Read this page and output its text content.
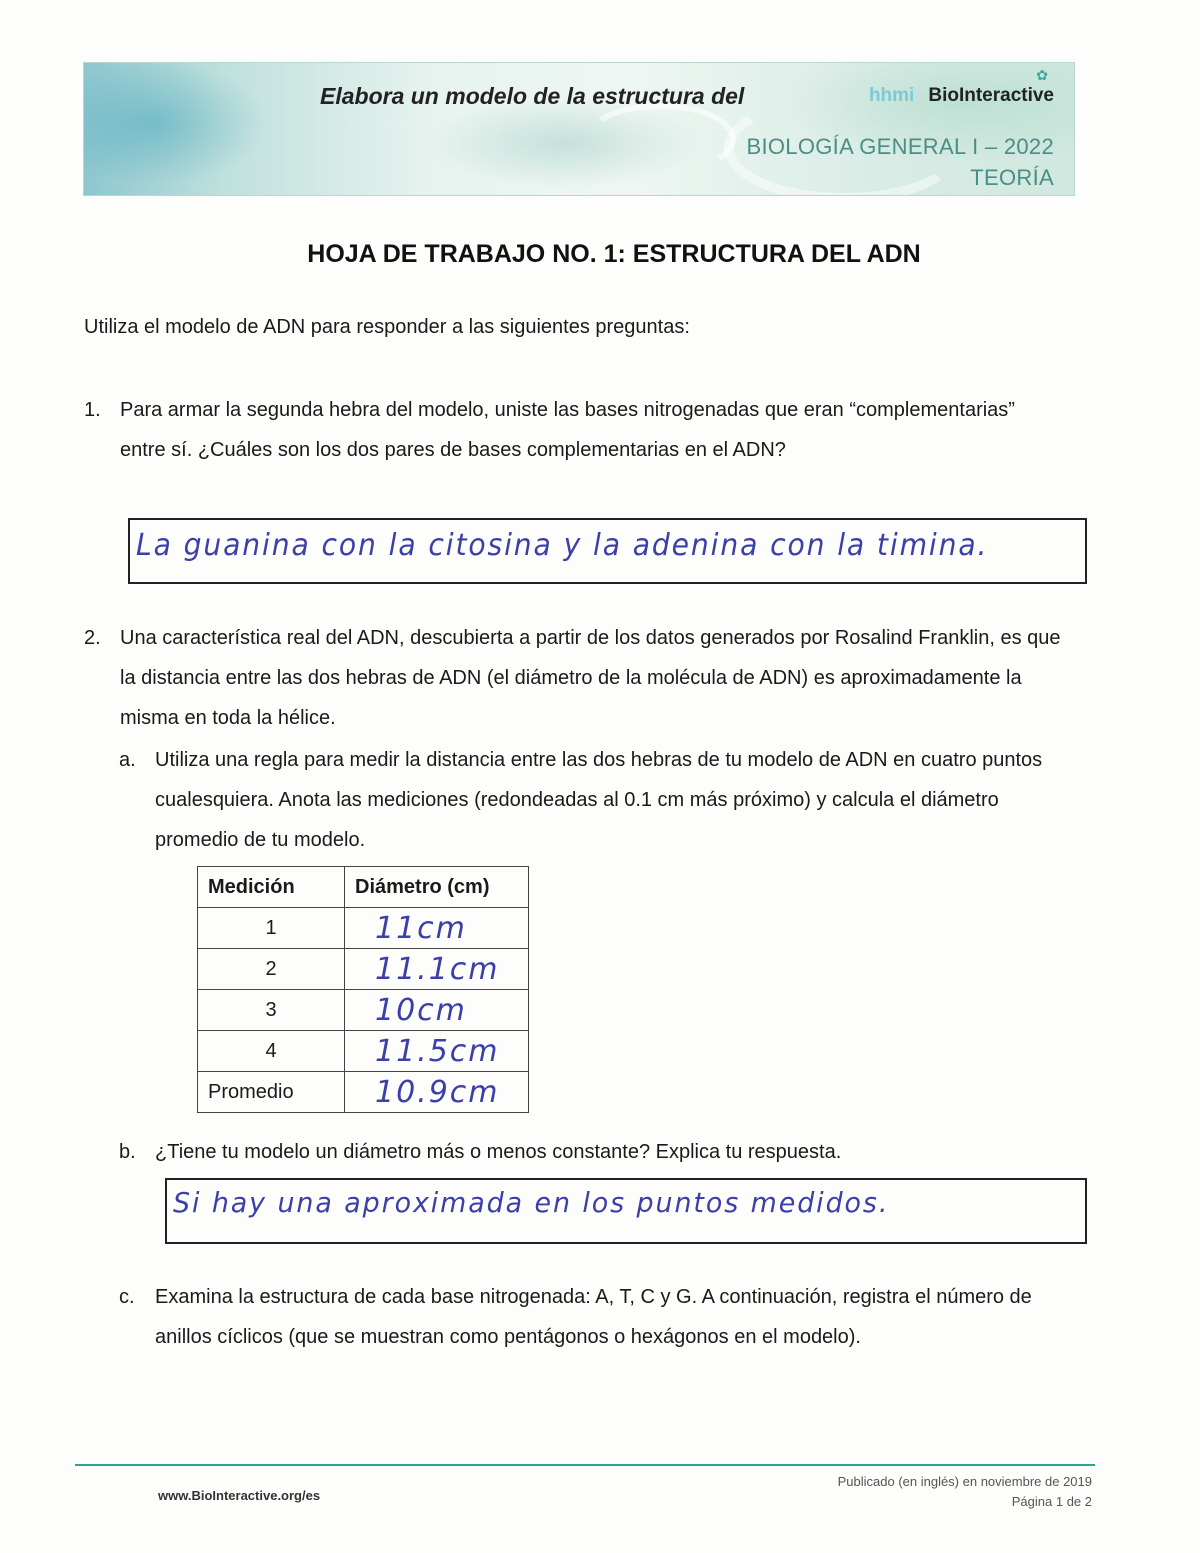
Elabora un modelo de la estructura del
✿
hhmi BioInteractive
BIOLOGÍA GENERAL I – 2022
TEORÍA
HOJA DE TRABAJO NO. 1: ESTRUCTURA DEL ADN
Utiliza el modelo de ADN para responder a las siguientes preguntas:
1. Para armar la segunda hebra del modelo, uniste las bases nitrogenadas que eran “complementarias” entre sí. ¿Cuáles son los dos pares de bases complementarias en el ADN?
La guanina con la citosina y la adenina con la timina.
2. Una característica real del ADN, descubierta a partir de los datos generados por Rosalind Franklin, es que la distancia entre las dos hebras de ADN (el diámetro de la molécula de ADN) es aproximadamente la misma en toda la hélice.
a. Utiliza una regla para medir la distancia entre las dos hebras de tu modelo de ADN en cuatro puntos cualesquiera. Anota las mediciones (redondeadas al 0.1 cm más próximo) y calcula el diámetro promedio de tu modelo.
Medición	Diámetro (cm)
1	11cm
2	11.1cm
3	10cm
4	11.5cm
Promedio	10.9cm
b. ¿Tiene tu modelo un diámetro más o menos constante? Explica tu respuesta.
Si hay una aproximada en los puntos medidos.
c. Examina la estructura de cada base nitrogenada: A, T, C y G. A continuación, registra el número de anillos cíclicos (que se muestran como pentágonos o hexágonos en el modelo).
www.BioInteractive.org/es
Publicado (en inglés) en noviembre de 2019
Página 1 de 2
